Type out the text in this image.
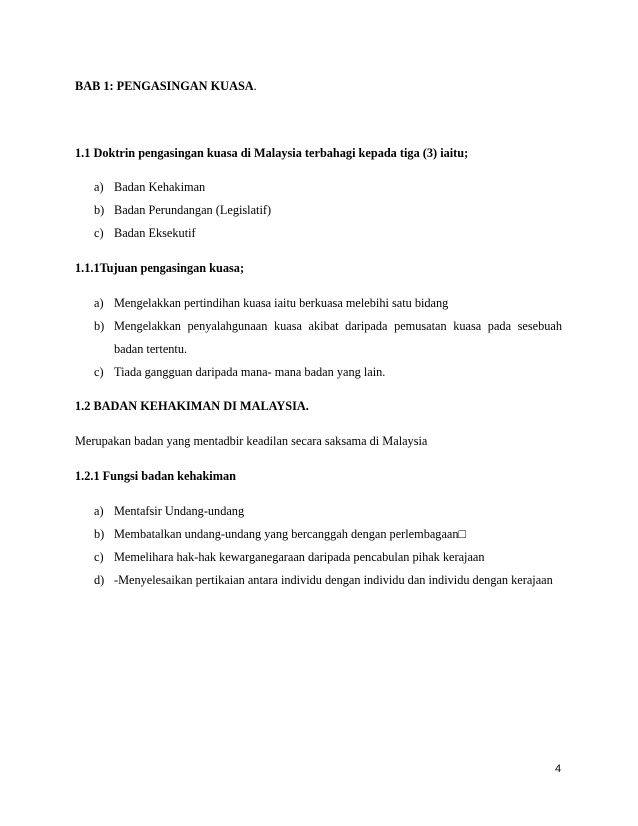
BAB 1: PENGASINGAN KUASA.
1.1 Doktrin pengasingan kuasa di Malaysia terbahagi kepada tiga (3) iaitu;
a) Badan Kehakiman
b) Badan Perundangan (Legislatif)
c) Badan Eksekutif
1.1.1Tujuan pengasingan kuasa;
a) Mengelakkan pertindihan kuasa iaitu berkuasa melebihi satu bidang
b) Mengelakkan penyalahgunaan kuasa akibat daripada pemusatan kuasa pada sesebuah
badan tertentu.
c) Tiada gangguan daripada mana- mana badan yang lain.
1.2 BADAN KEHAKIMAN DI MALAYSIA.
Merupakan badan yang mentadbir keadilan secara saksama di Malaysia
1.2.1 Fungsi badan kehakiman
a) Mentafsir Undang-undang
b) Membatalkan undang-undang yang bercanggah dengan perlembagaan□
c) Memelihara hak-hak kewarganegaraan daripada pencabulan pihak kerajaan
d) -Menyelesaikan pertikaian antara individu dengan individu dan individu dengan kerajaan
4
